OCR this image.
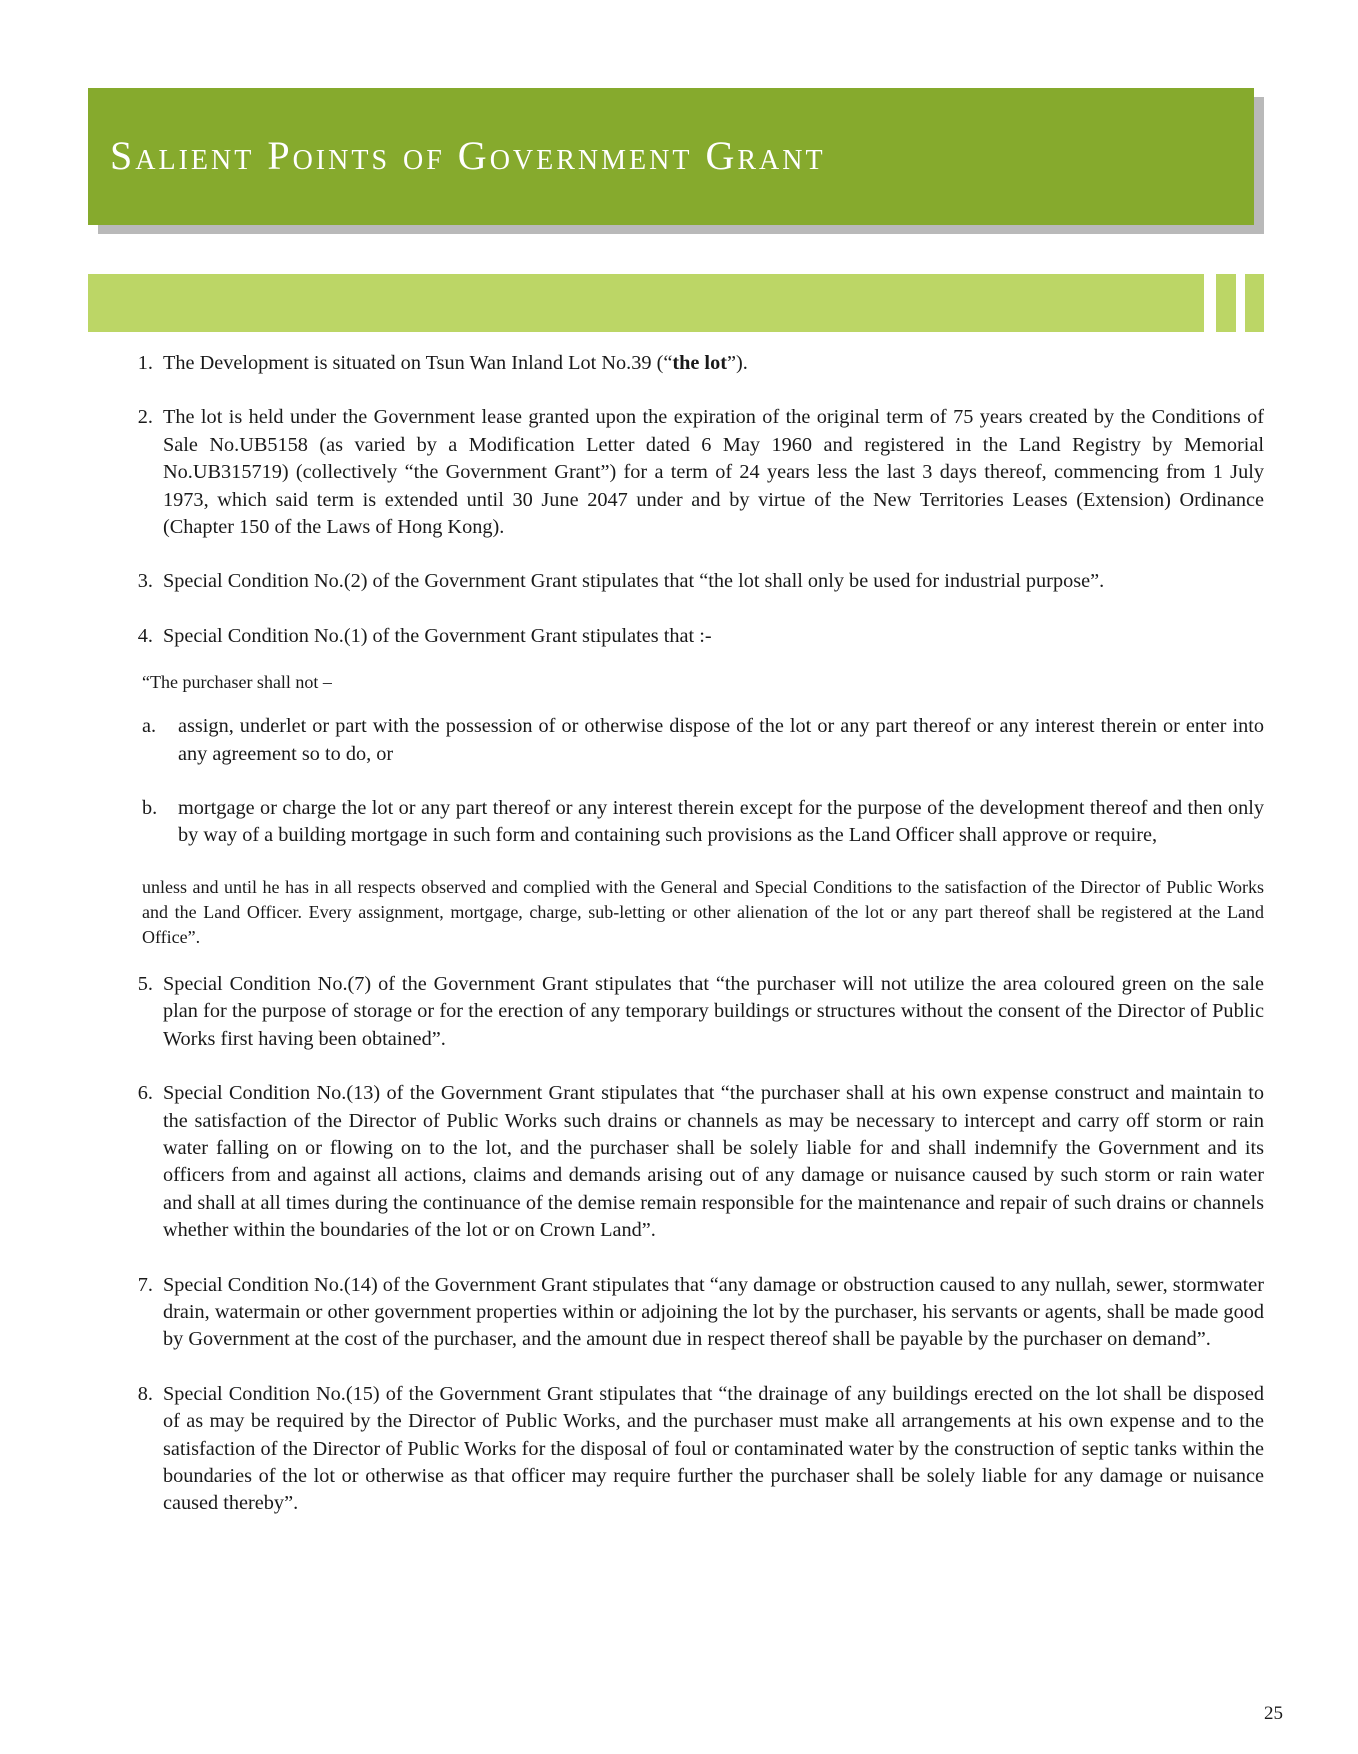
Salient Points of Government Grant
1. The Development is situated on Tsun Wan Inland Lot No.39 (“the lot”).
2. The lot is held under the Government lease granted upon the expiration of the original term of 75 years created by the Conditions of Sale No.UB5158 (as varied by a Modification Letter dated 6 May 1960 and registered in the Land Registry by Memorial No.UB315719) (collectively “the Government Grant”) for a term of 24 years less the last 3 days thereof, commencing from 1 July 1973, which said term is extended until 30 June 2047 under and by virtue of the New Territories Leases (Extension) Ordinance (Chapter 150 of the Laws of Hong Kong).
3. Special Condition No.(2) of the Government Grant stipulates that “the lot shall only be used for industrial purpose”.
4. Special Condition No.(1) of the Government Grant stipulates that :-
“The purchaser shall not –
a.	assign, underlet or part with the possession of or otherwise dispose of the lot or any part thereof or any interest therein or enter into any agreement so to do, or
b.	mortgage or charge the lot or any part thereof or any interest therein except for the purpose of the development thereof and then only by way of a building mortgage in such form and containing such provisions as the Land Officer shall approve or require,
unless and until he has in all respects observed and complied with the General and Special Conditions to the satisfaction of the Director of Public Works and the Land Officer. Every assignment, mortgage, charge, sub-letting or other alienation of the lot or any part thereof shall be registered at the Land Office”.
5. Special Condition No.(7) of the Government Grant stipulates that “the purchaser will not utilize the area coloured green on the sale plan for the purpose of storage or for the erection of any temporary buildings or structures without the consent of the Director of Public Works first having been obtained”.
6. Special Condition No.(13) of the Government Grant stipulates that “the purchaser shall at his own expense construct and maintain to the satisfaction of the Director of Public Works such drains or channels as may be necessary to intercept and carry off storm or rain water falling on or flowing on to the lot, and the purchaser shall be solely liable for and shall indemnify the Government and its officers from and against all actions, claims and demands arising out of any damage or nuisance caused by such storm or rain water and shall at all times during the continuance of the demise remain responsible for the maintenance and repair of such drains or channels whether within the boundaries of the lot or on Crown Land”.
7. Special Condition No.(14) of the Government Grant stipulates that “any damage or obstruction caused to any nullah, sewer, stormwater drain, watermain or other government properties within or adjoining the lot by the purchaser, his servants or agents, shall be made good by Government at the cost of the purchaser, and the amount due in respect thereof shall be payable by the purchaser on demand”.
8. Special Condition No.(15) of the Government Grant stipulates that “the drainage of any buildings erected on the lot shall be disposed of as may be required by the Director of Public Works, and the purchaser must make all arrangements at his own expense and to the satisfaction of the Director of Public Works for the disposal of foul or contaminated water by the construction of septic tanks within the boundaries of the lot or otherwise as that officer may require further the purchaser shall be solely liable for any damage or nuisance caused thereby”.
25
